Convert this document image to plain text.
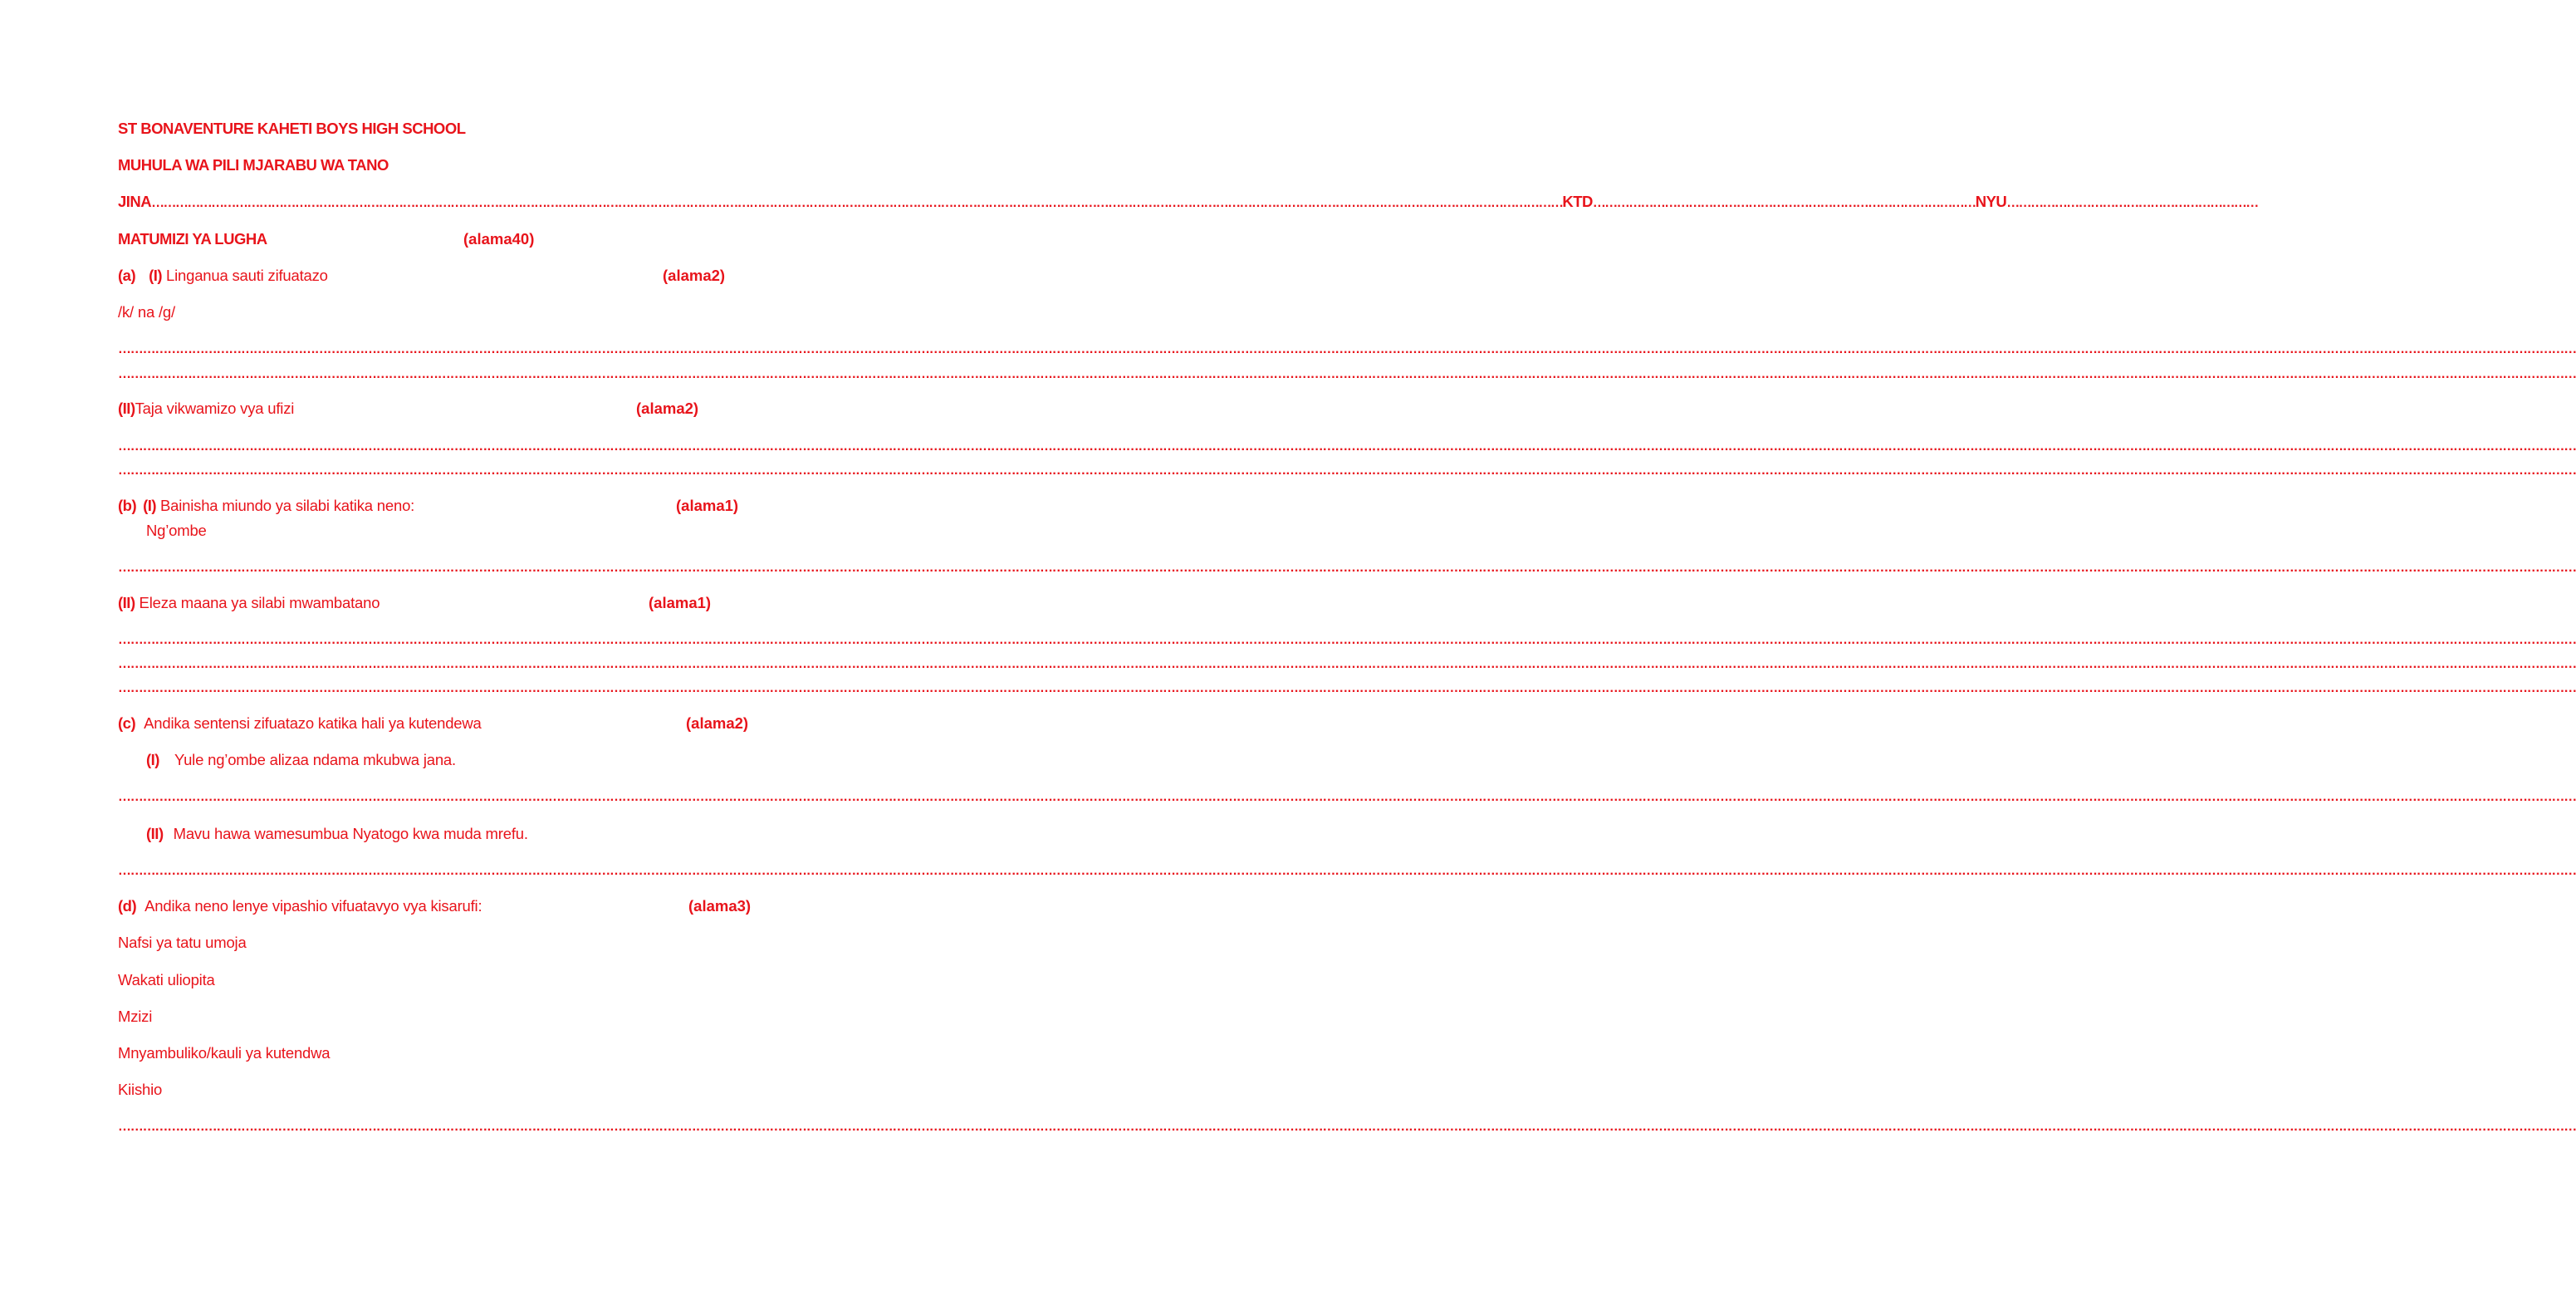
ST BONAVENTURE KAHETI BOYS HIGH SCHOOL
MUHULA WA PILI MJARABU WA TANO
JINA…………………………………………………………………………………………………………………………………………………………………………………………………………………………………………………………………………………………………………………………KTD……………………………………………………………………………………NYU………………………………………………………
MATUMIZI YA LUGHA	(alama40)
(a) (I) Linganua sauti zifuatazo	(alama2)
/k/ na /g/
……………………………………………………………………………………………………………………………………………………………………………………………………………………………………………………………………………………………………………………………………………………………………………………………………………………………………………………………………………………………………………………………………………………
……………………………………………………………………………………………………………………………………………………………………………………………………………………………………………………………………………………………………………………………………………………………………………………………………………………………………………………………………………………………………………………………………………………
(II)Taja vikwamizo vya ufizi	(alama2)
……………………………………………………………………………………………………………………………………………………………………………………………………………………………………………………………………………………………………………………………………………………………………………………………………………………………………………………………………………………………………………………………………………………
……………………………………………………………………………………………………………………………………………………………………………………………………………………………………………………………………………………………………………………………………………………………………………………………………………………………………………………………………………………………………………………………………………………
(b) (I) Bainisha miundo ya silabi katika neno:	(alama1)
Ng’ombe
……………………………………………………………………………………………………………………………………………………………………………………………………………………………………………………………………………………………………………………………………………………………………………………………………………………………………………………………………………………………………………………………………………………
(II) Eleza maana ya silabi mwambatano	(alama1)
……………………………………………………………………………………………………………………………………………………………………………………………………………………………………………………………………………………………………………………………………………………………………………………………………………………………………………………………………………………………………………………………………………………
……………………………………………………………………………………………………………………………………………………………………………………………………………………………………………………………………………………………………………………………………………………………………………………………………………………………………………………………………………………………………………………………………………………
……………………………………………………………………………………………………………………………………………………………………………………………………………………………………………………………………………………………………………………………………………………………………………………………………………………………………………………………………………………………………………………………………………………
(c) Andika sentensi zifuatazo katika hali ya kutendewa	(alama2)
(I) Yule ng’ombe alizaa ndama mkubwa jana.
……………………………………………………………………………………………………………………………………………………………………………………………………………………………………………………………………………………………………………………………………………………………………………………………………………………………………………………………………………………………………………………………………………………
(II) Mavu hawa wamesumbua Nyatogo kwa muda mrefu.
……………………………………………………………………………………………………………………………………………………………………………………………………………………………………………………………………………………………………………………………………………………………………………………………………………………………………………………………………………………………………………………………………………………
(d) Andika neno lenye vipashio vifuatavyo vya kisarufi:	(alama3)
Nafsi ya tatu umoja
Wakati uliopita
Mzizi
Mnyambuliko/kauli ya kutendwa
Kiishio
……………………………………………………………………………………………………………………………………………………………………………………………………………………………………………………………………………………………………………………………………………………………………………………………………………………………………………………………………………………………………………………………………………………
